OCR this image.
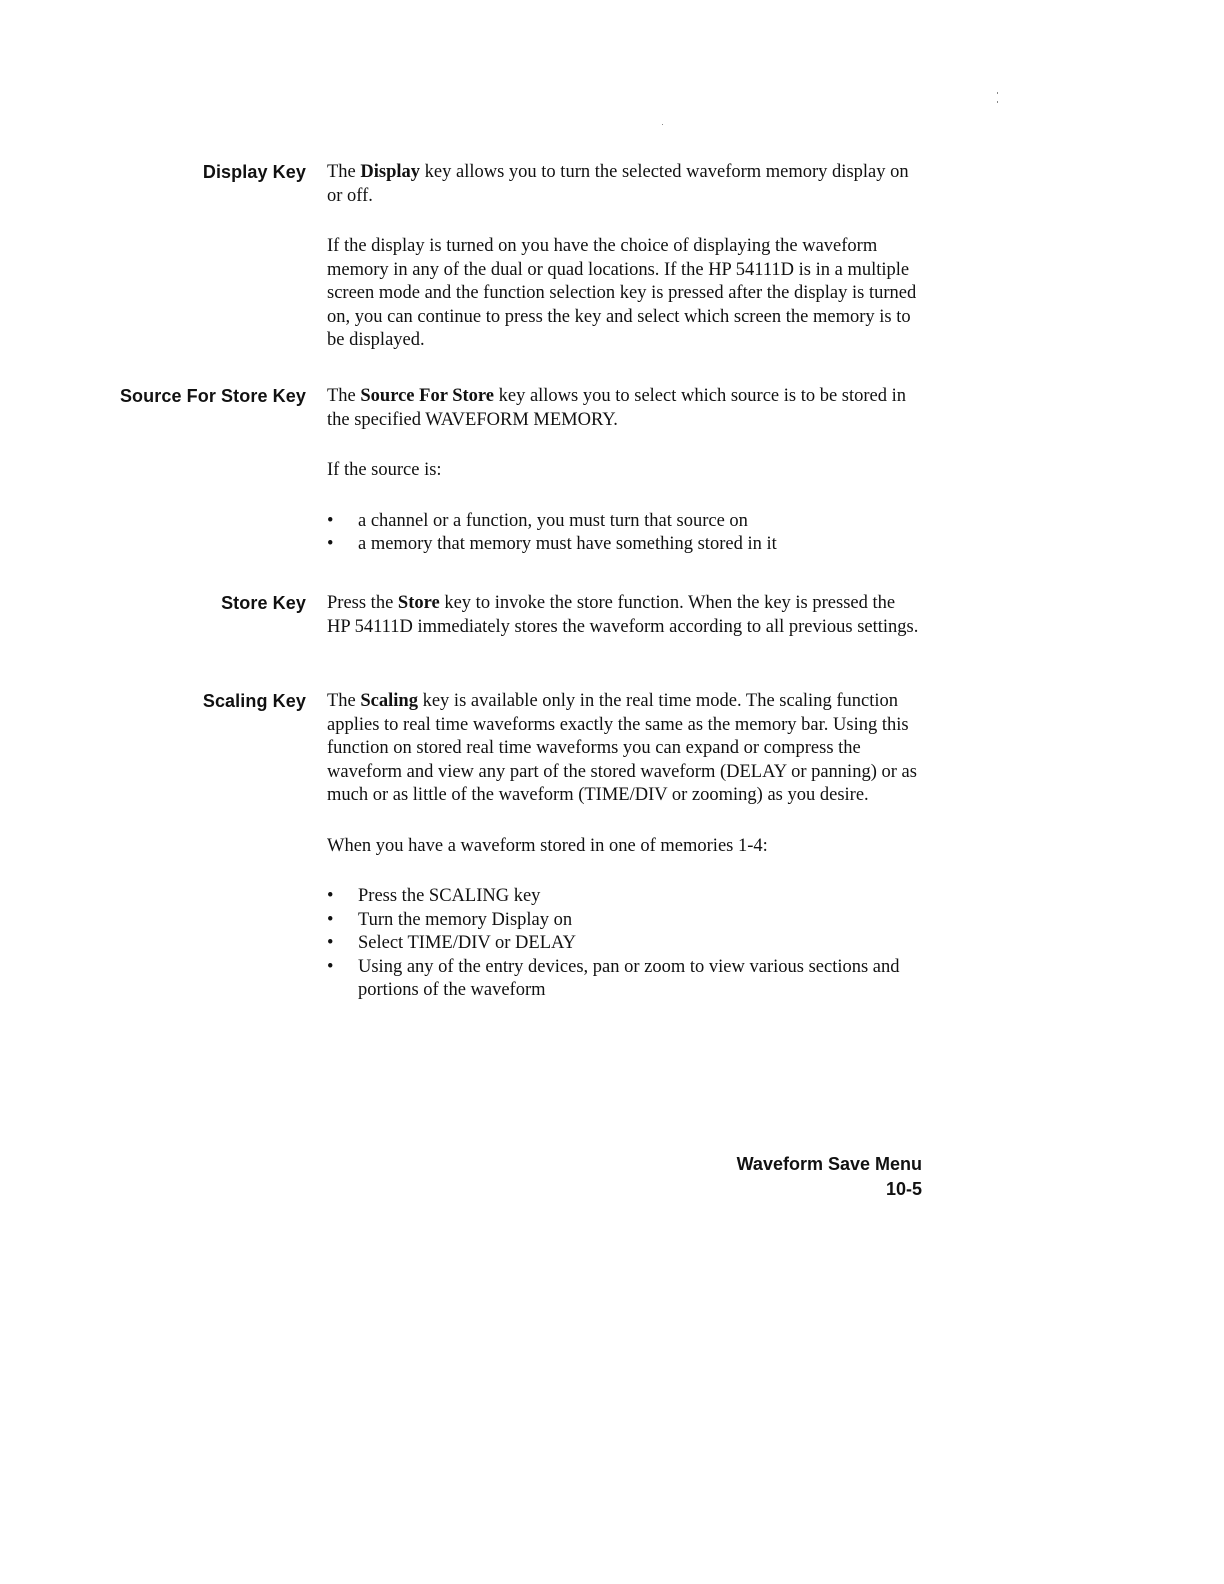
Display Key The Display key allows you to turn the selected waveform memory display on or off.

If the display is turned on you have the choice of displaying the waveform memory in any of the dual or quad locations. If the HP 54111D is in a multiple screen mode and the function selection key is pressed after the display is turned on, you can continue to press the key and select which screen the memory is to be displayed.

Source For Store Key The Source For Store key allows you to select which source is to be stored in the specified WAVEFORM MEMORY.

If the source is:

•	a channel or a function, you must turn that source on
•	a memory that memory must have something stored in it
Store Key Press the Store key to invoke the store function. When the key is pressed the HP 54111D immediately stores the waveform according to all previous settings.

Scaling Key The Scaling key is available only in the real time mode. The scaling function applies to real time waveforms exactly the same as the memory bar. Using this function on stored real time waveforms you can expand or compress the waveform and view any part of the stored waveform (DELAY or panning) or as much or as little of the waveform (TIME/DIV or zooming) as you desire.

When you have a waveform stored in one of memories 1-4:

•	Press the SCALING key
•	Turn the memory Display on
•	Select TIME/DIV or DELAY
•	Using any of the entry devices, pan or zoom to view various sections and portions of the waveform
Waveform Save Menu
10-5
